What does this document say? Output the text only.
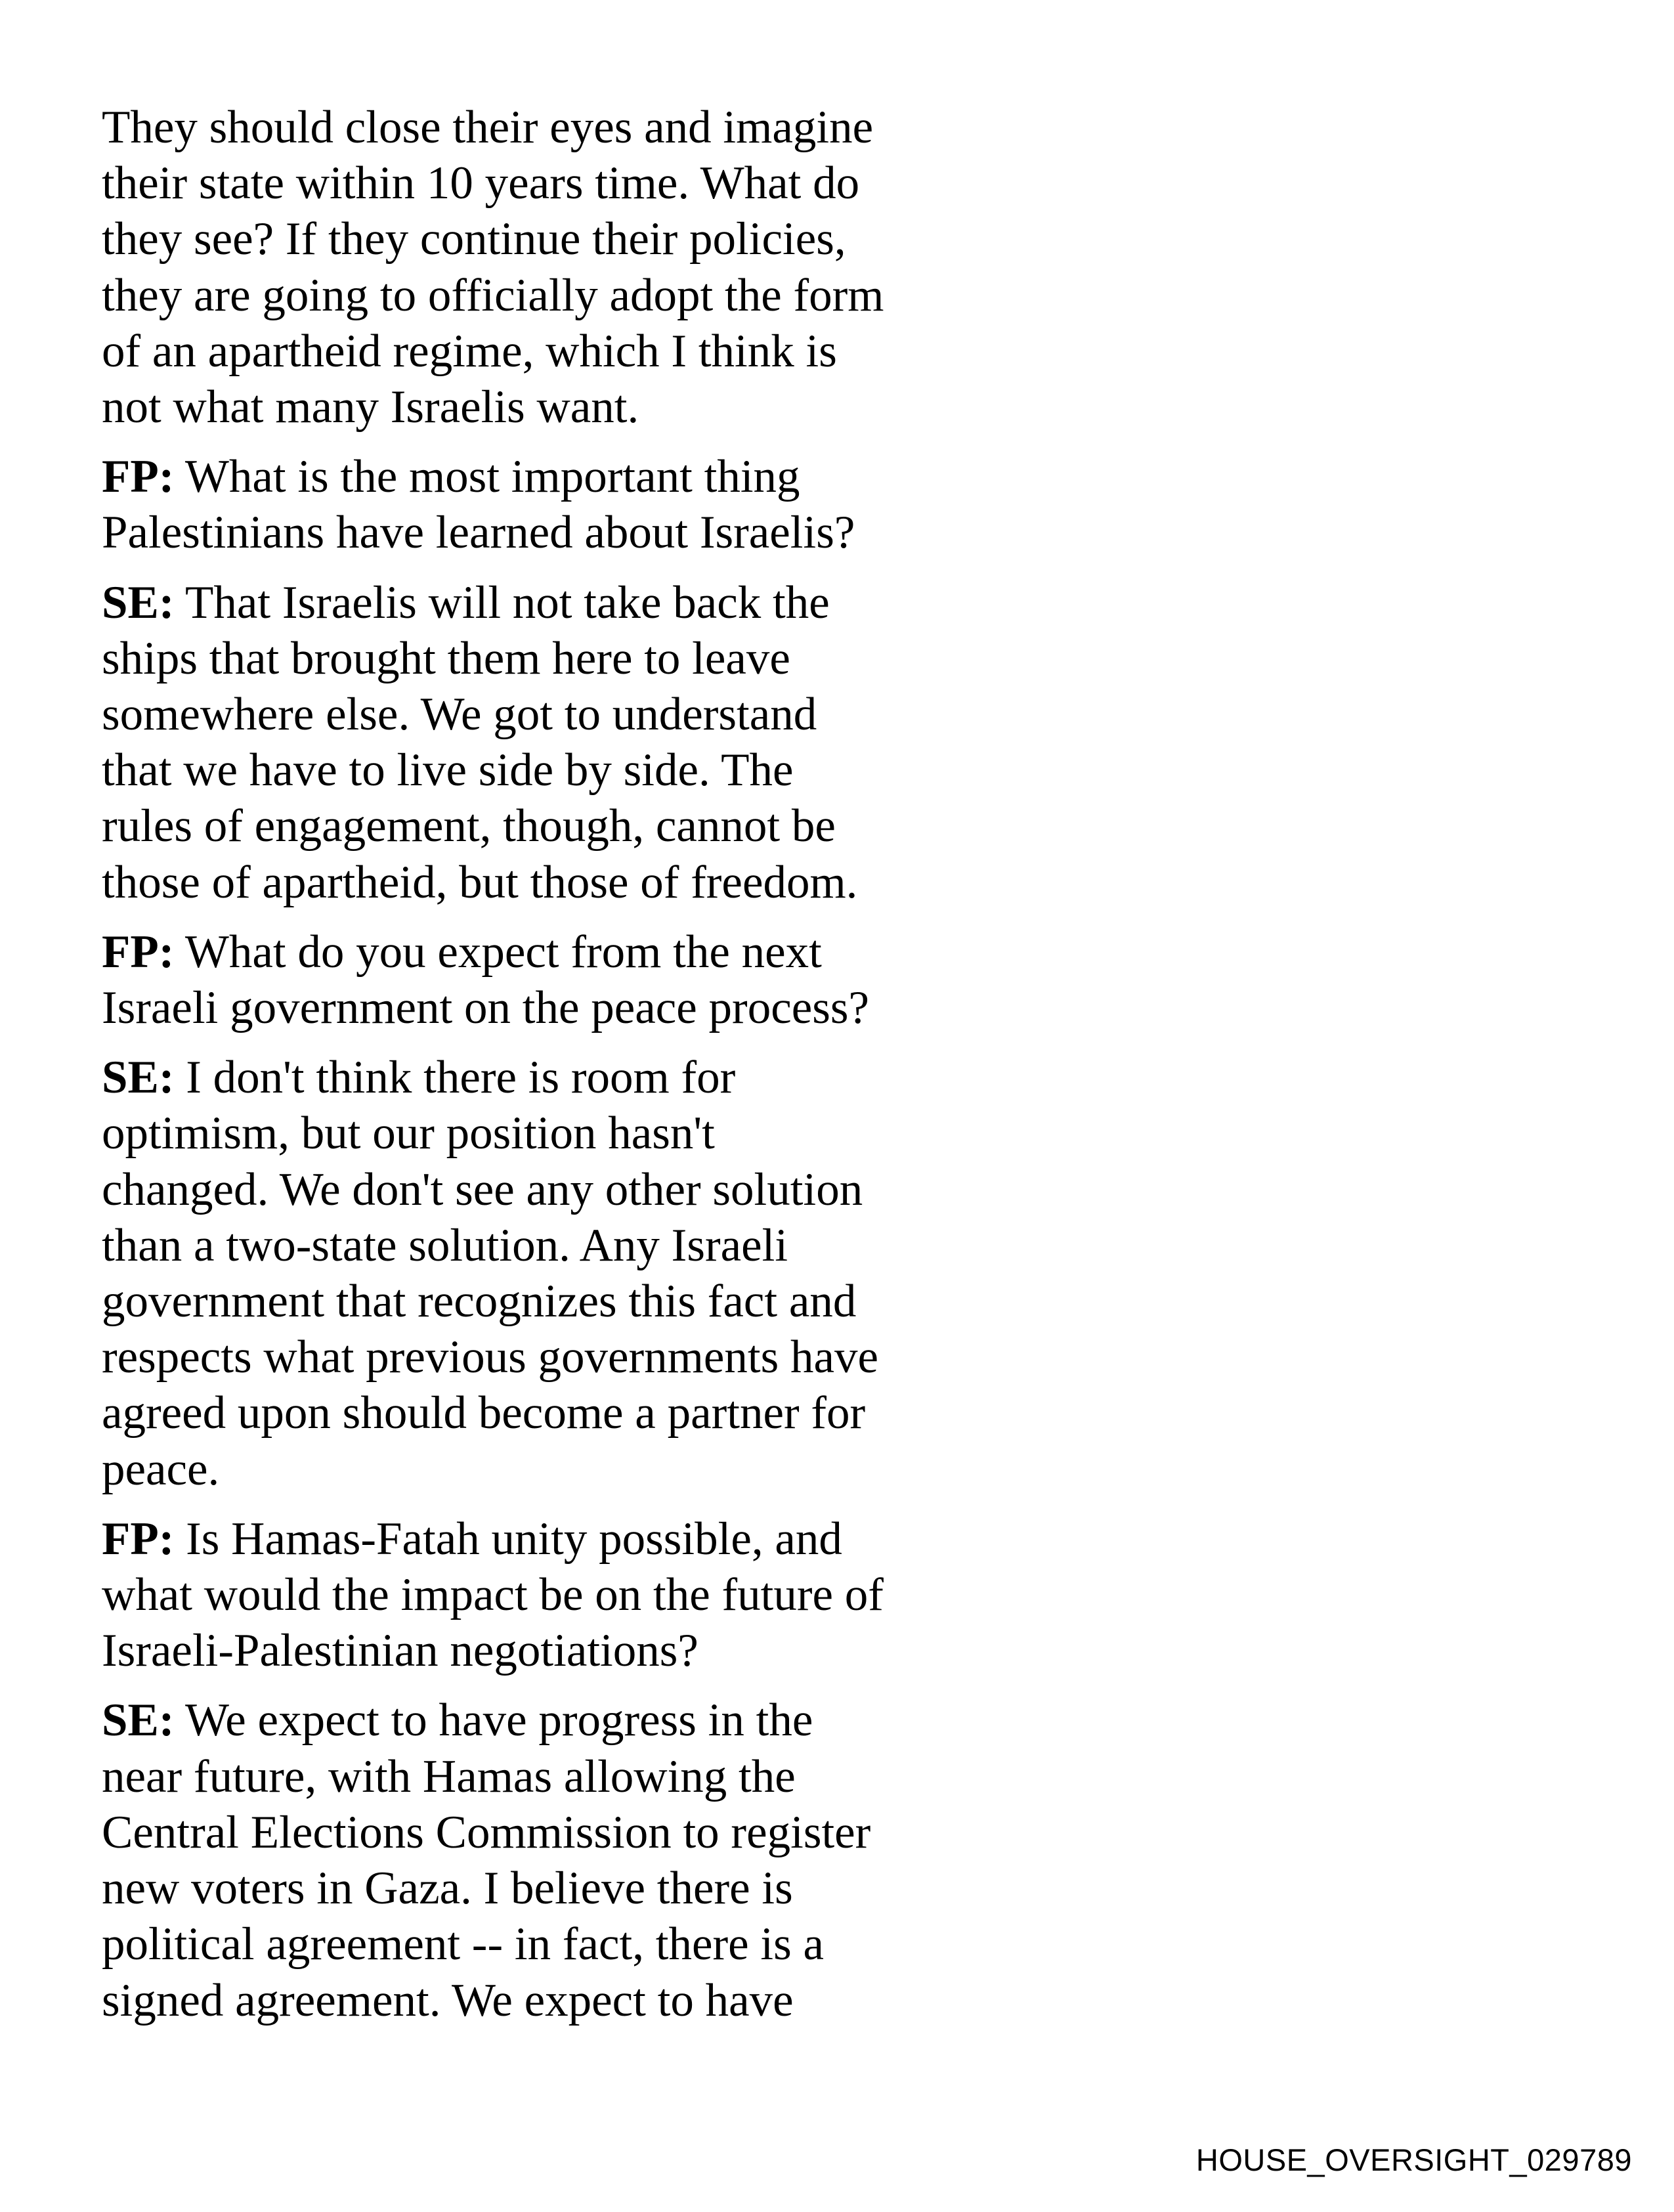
They should close their eyes and imagine
their state within 10 years time. What do
they see? If they continue their policies,
they are going to officially adopt the form
of an apartheid regime, which I think is
not what many Israelis want.
FP: What is the most important thing
Palestinians have learned about Israelis?
SE: That Israelis will not take back the
ships that brought them here to leave
somewhere else. We got to understand
that we have to live side by side. The
rules of engagement, though, cannot be
those of apartheid, but those of freedom.
FP: What do you expect from the next
Israeli government on the peace process?
SE: I don't think there is room for
optimism, but our position hasn't
changed. We don't see any other solution
than a two-state solution. Any Israeli
government that recognizes this fact and
respects what previous governments have
agreed upon should become a partner for
peace.
FP: Is Hamas-Fatah unity possible, and
what would the impact be on the future of
Israeli-Palestinian negotiations?
SE: We expect to have progress in the
near future, with Hamas allowing the
Central Elections Commission to register
new voters in Gaza. I believe there is
political agreement -- in fact, there is a
signed agreement. We expect to have
HOUSE_OVERSIGHT_029789
